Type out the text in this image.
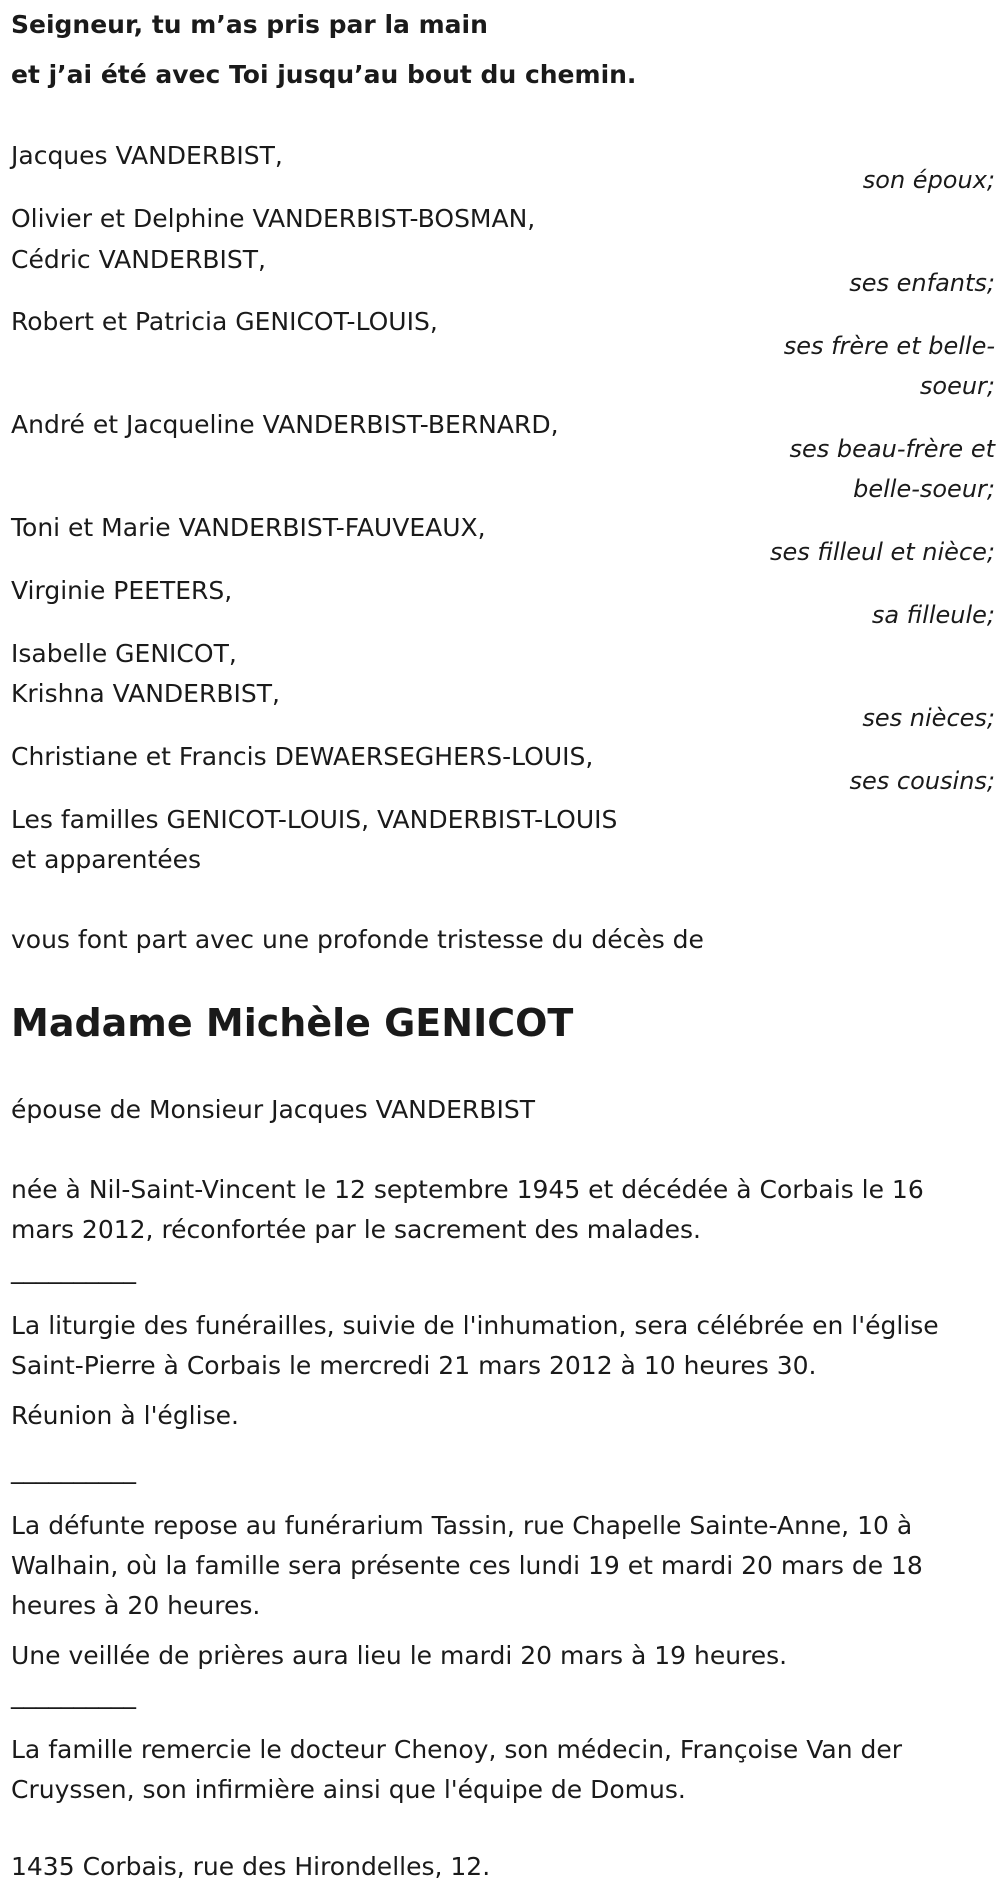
Seigneur, tu m’as pris par la main
et j’ai été avec Toi jusqu’au bout du chemin.
Jacques VANDERBIST,
son époux;
Olivier et Delphine VANDERBIST-BOSMAN,
Cédric VANDERBIST,
ses enfants;
Robert et Patricia GENICOT-LOUIS,
ses frère et belle-
soeur;
André et Jacqueline VANDERBIST-BERNARD,
ses beau-frère et
belle-soeur;
Toni et Marie VANDERBIST-FAUVEAUX,
ses filleul et nièce;
Virginie PEETERS,
sa filleule;
Isabelle GENICOT,
Krishna VANDERBIST,
ses nièces;
Christiane et Francis DEWAERSEGHERS-LOUIS,
ses cousins;
Les familles GENICOT-LOUIS, VANDERBIST-LOUIS
et apparentées
vous font part avec une profonde tristesse du décès de
Madame Michèle GENICOT
épouse de Monsieur Jacques VANDERBIST
née à Nil-Saint-Vincent le 12 septembre 1945 et décédée à Corbais le 16
mars 2012, réconfortée par le sacrement des malades.
__________
La liturgie des funérailles, suivie de l'inhumation, sera célébrée en l'église
Saint-Pierre à Corbais le mercredi 21 mars 2012 à 10 heures 30.
Réunion à l'église.
__________
La défunte repose au funérarium Tassin, rue Chapelle Sainte-Anne, 10 à
Walhain, où la famille sera présente ces lundi 19 et mardi 20 mars de 18
heures à 20 heures.
Une veillée de prières aura lieu le mardi 20 mars à 19 heures.
__________
La famille remercie le docteur Chenoy, son médecin, Françoise Van der
Cruyssen, son infirmière ainsi que l'équipe de Domus.
1435 Corbais, rue des Hirondelles, 12.
